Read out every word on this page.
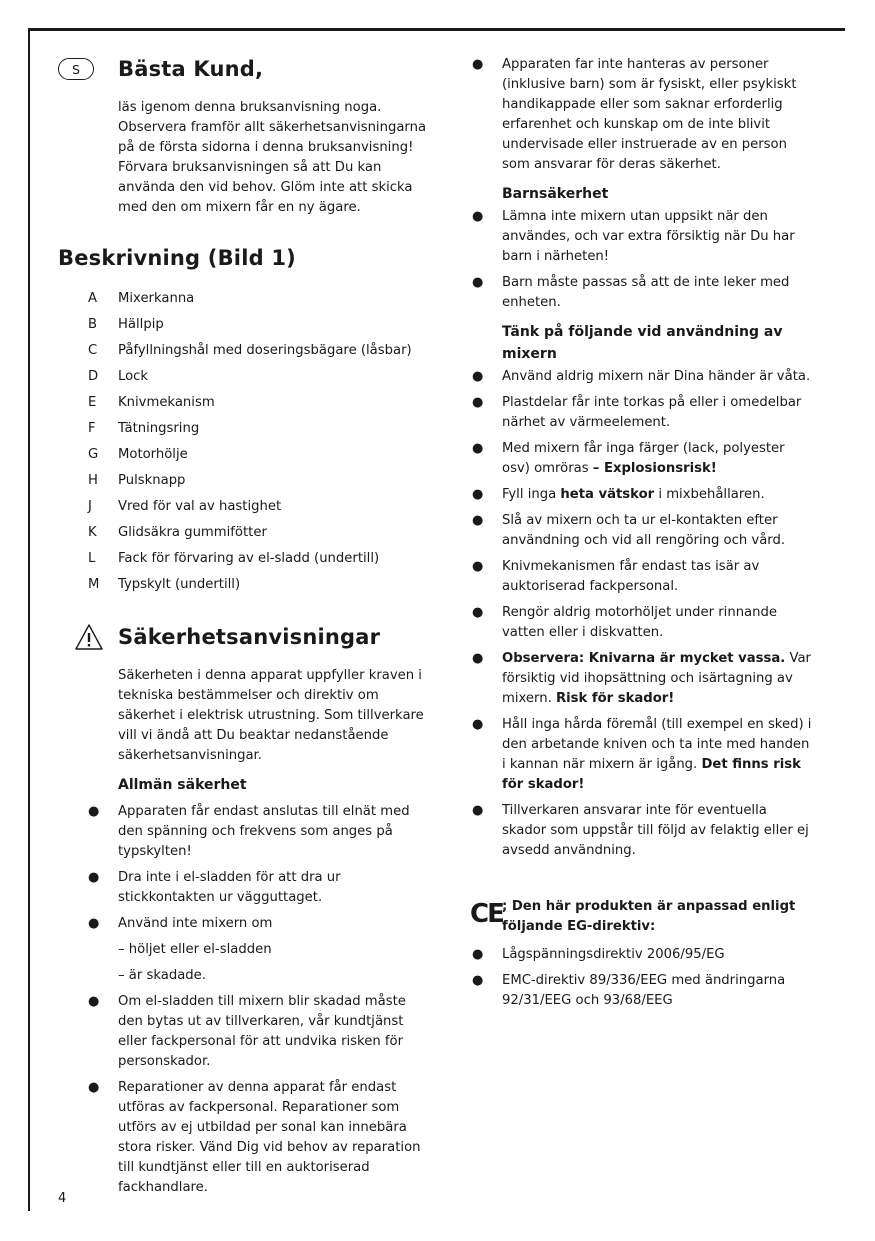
S	Bästa Kund,
läs igenom denna bruksanvisning noga. Observera framför allt säkerhetsanvisningarna på de första sidorna i denna bruksanvisning! Förvara bruksanvisningen så att Du kan använda den vid behov. Glöm inte att skicka med den om mixern får en ny ägare.
Beskrivning (Bild 1)
A	Mixerkanna
B	Hällpip
C	Påfyllningshål med doseringsbägare (låsbar)
D	Lock
E	Knivmekanism
F	Tätningsring
G	Motorhölje
H	Pulsknapp
J	Vred för val av hastighet
K	Glidsäkra gummifötter
L	Fack för förvaring av el-sladd (undertill)
M	Typskylt (undertill)
Säkerhetsanvisningar
Säkerheten i denna apparat uppfyller kraven i tekniska bestämmelser och direktiv om säkerhet i elektrisk utrustning. Som tillverkare vill vi ändå att Du beaktar nedanstående säkerhetsanvisningar.
Allmän säkerhet
●	Apparaten får endast anslutas till elnät med den spänning och frekvens som anges på typskylten!
●	Dra inte i el-sladden för att dra ur stickkontakten ur vägguttaget.
●	Använd inte mixern om
– höljet eller el-sladden
– är skadade.
●	Om el-sladden till mixern blir skadad måste den bytas ut av tillverkaren, vår kundtjänst eller fackpersonal för att undvika risken för personskador.
●	Reparationer av denna apparat får endast utföras av fackpersonal. Reparationer som utförs av ej utbildad per sonal kan innebära stora risker. Vänd Dig vid behov av reparation till kundtjänst eller till en auktoriserad fackhandlare.
●	Apparaten far inte hanteras av personer (inklusive barn) som är fysiskt, eller psykiskt handikappade eller som saknar erforderlig erfarenhet och kunskap om de inte blivit undervisade eller instruerade av en person som ansvarar för deras säkerhet.
Barnsäkerhet
●	Lämna inte mixern utan uppsikt när den användes, och var extra försiktig när Du har barn i närheten!
●	Barn måste passas så att de inte leker med enheten.
Tänk på följande vid användning av mixern
●	Använd aldrig mixern när Dina händer är våta.
●	Plastdelar får inte torkas på eller i omedelbar närhet av värmeelement.
●	Med mixern får inga färger (lack, polyester osv) omröras – Explosionsrisk!
●	Fyll inga heta vätskor i mixbehållaren.
●	Slå av mixern och ta ur el-kontakten efter användning och vid all rengöring och vård.
●	Knivmekanismen får endast tas isär av auktoriserad fackpersonal.
●	Rengör aldrig motorhöljet under rinnande vatten eller i diskvatten.
●	Observera: Knivarna är mycket vassa. Var försiktig vid ihopsättning och isärtagning av mixern. Risk för skador!
●	Håll inga hårda föremål (till exempel en sked) i den arbetande kniven och ta inte med handen i kannan när mixern är igång. Det finns risk för skador!
●	Tillverkaren ansvarar inte för eventuella skador som uppstår till följd av felaktig eller ej avsedd användning.
CE ; Den här produkten är anpassad enligt följande EG-direktiv:
●	Lågspänningsdirektiv 2006/95/EG
●	EMC-direktiv 89/336/EEG med ändringarna 92/31/EEG och 93/68/EEG
4
